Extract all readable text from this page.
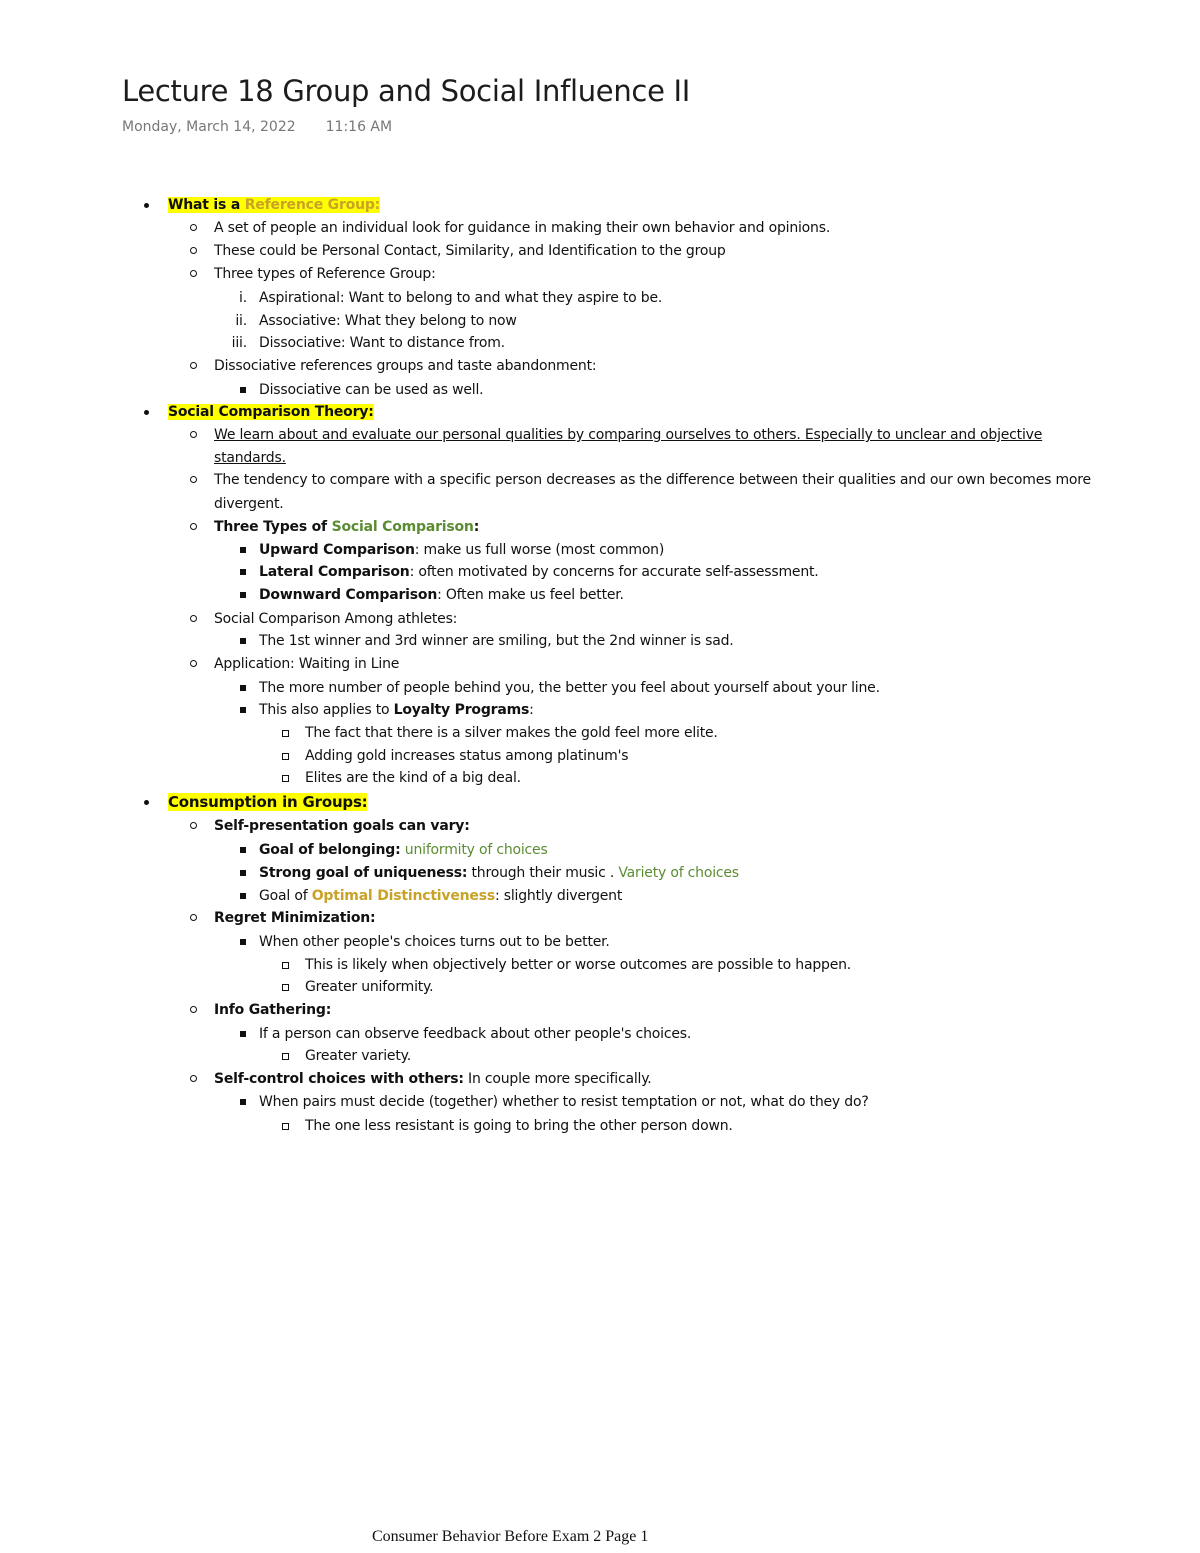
Lecture 18 Group and Social Influence II
Monday, March 14, 2022 11:16 AM
What is a Reference Group:
A set of people an individual look for guidance in making their own behavior and opinions.
These could be Personal Contact, Similarity, and Identification to the group
Three types of Reference Group:
i. Aspirational: Want to belong to and what they aspire to be.
ii. Associative: What they belong to now
iii. Dissociative: Want to distance from.
Dissociative references groups and taste abandonment:
Dissociative can be used as well.
Social Comparison Theory:
We learn about and evaluate our personal qualities by comparing ourselves to others. Especially to unclear and objective
standards.
The tendency to compare with a specific person decreases as the difference between their qualities and our own becomes more
divergent.
Three Types of Social Comparison:
Upward Comparison: make us full worse (most common)
Lateral Comparison: often motivated by concerns for accurate self-assessment.
Downward Comparison: Often make us feel better.
Social Comparison Among athletes:
The 1st winner and 3rd winner are smiling, but the 2nd winner is sad.
Application: Waiting in Line
The more number of people behind you, the better you feel about yourself about your line.
This also applies to Loyalty Programs:
The fact that there is a silver makes the gold feel more elite.
Adding gold increases status among platinum's
Elites are the kind of a big deal.
Consumption in Groups:
Self-presentation goals can vary:
Goal of belonging: uniformity of choices
Strong goal of uniqueness: through their music . Variety of choices
Goal of Optimal Distinctiveness: slightly divergent
Regret Minimization:
When other people's choices turns out to be better.
This is likely when objectively better or worse outcomes are possible to happen.
Greater uniformity.
Info Gathering:
If a person can observe feedback about other people's choices.
Greater variety.
Self-control choices with others: In couple more specifically.
When pairs must decide (together) whether to resist temptation or not, what do they do?
The one less resistant is going to bring the other person down.
Consumer Behavior Before Exam 2 Page 1
